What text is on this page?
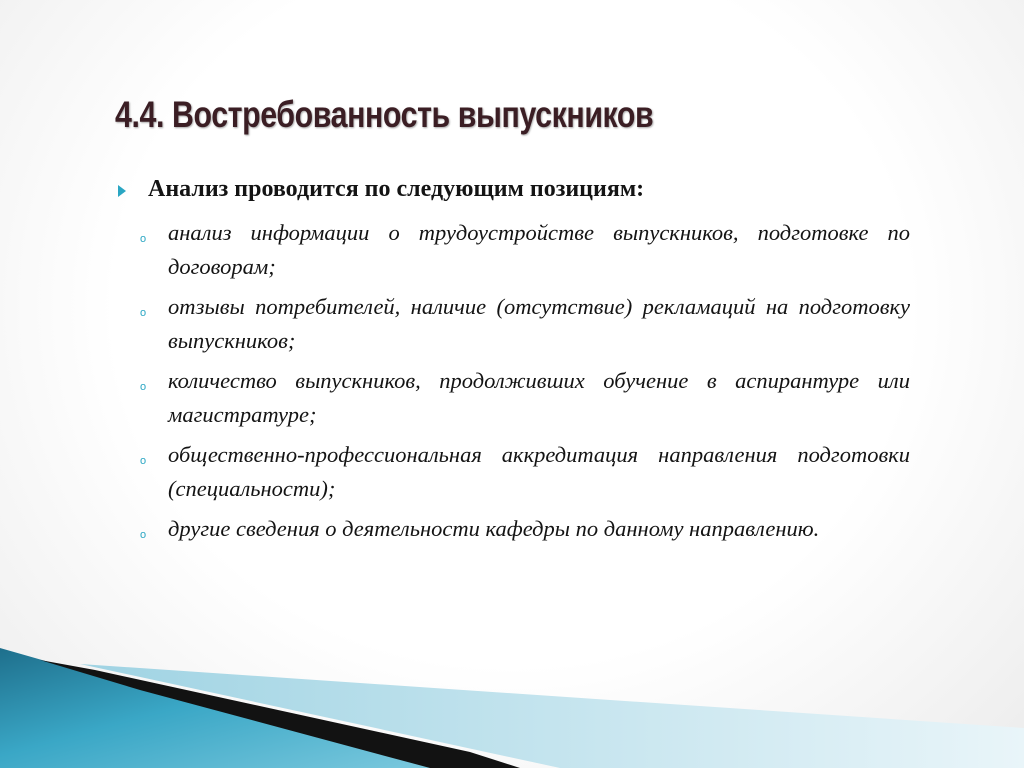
4.4. Востребованность выпускников
Анализ проводится по следующим позициям:
o анализ информации о трудоустройстве выпускников, подготовке по договорам;
o отзывы потребителей, наличие (отсутствие) рекламаций на подготовку выпускников;
o количество выпускников, продолживших обучение в аспирантуре или магистратуре;
o общественно-профессиональная аккредитация направления подготовки (специальности);
o другие сведения о деятельности кафедры по данному направлению.
